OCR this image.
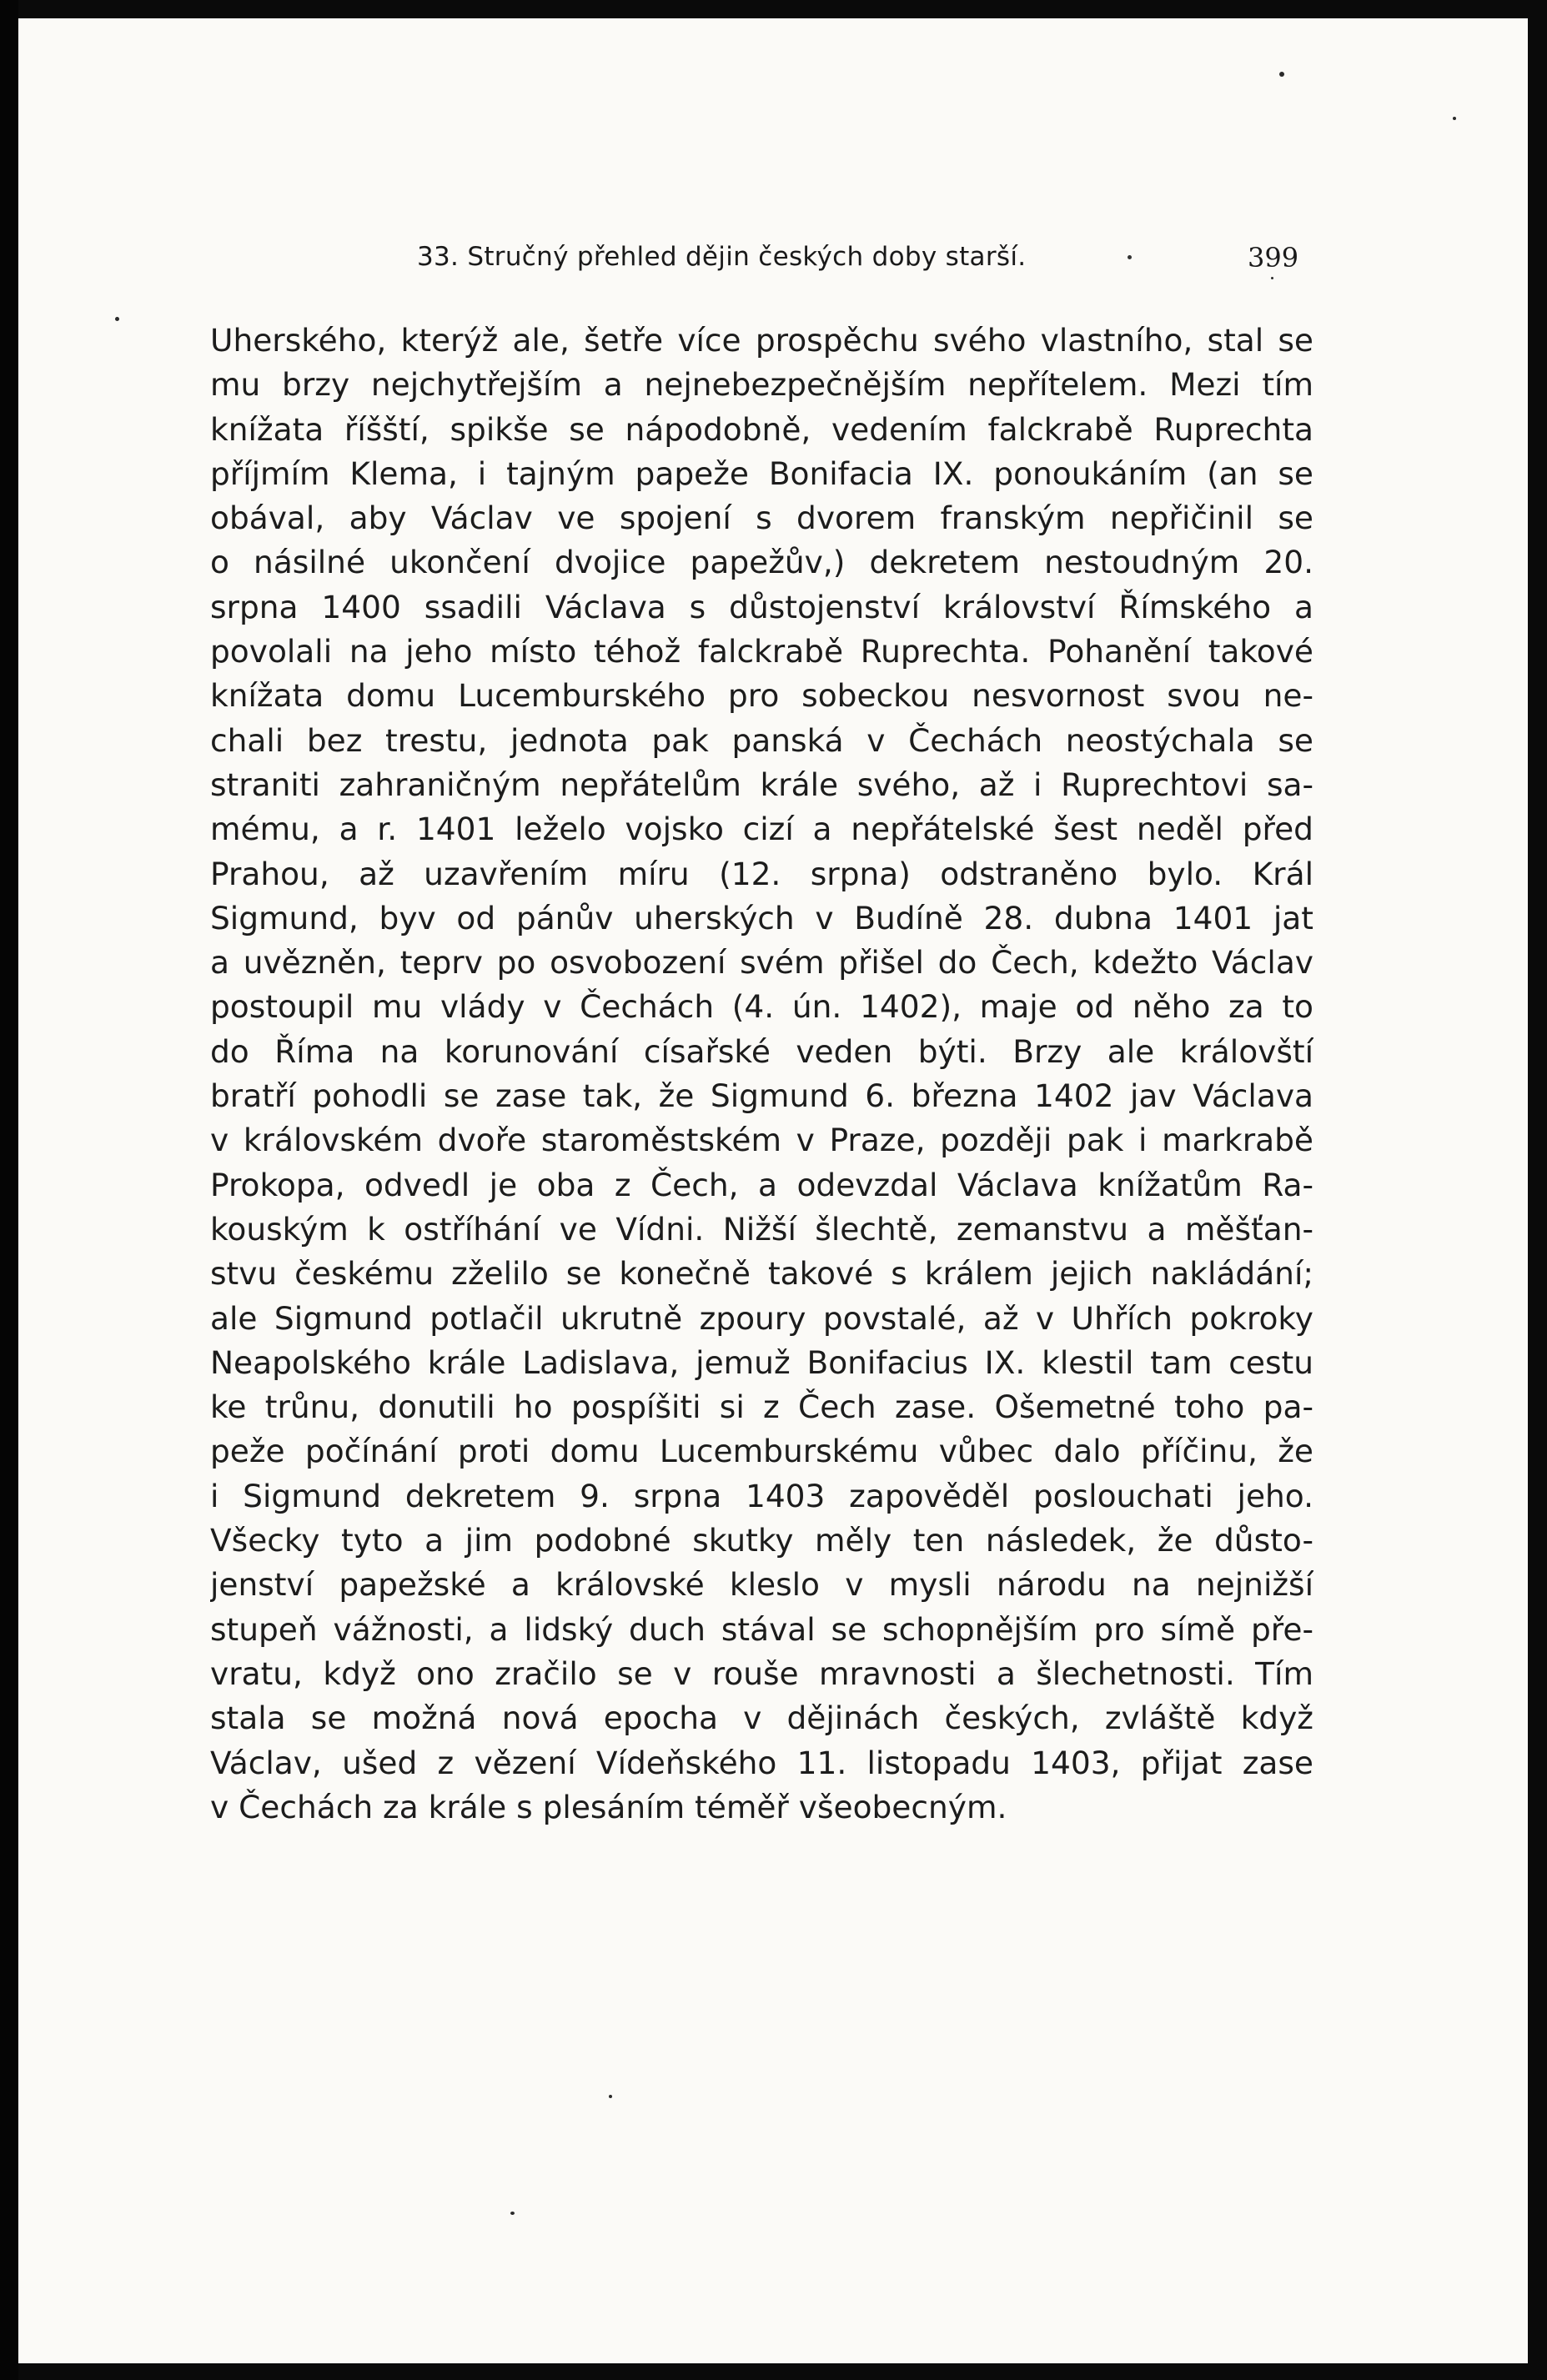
33. Stručný přehled dějin českých doby starší.	399
Uherského, kterýž ale, šetře více prospěchu svého vlastního, stal se
mu brzy nejchytřejším a nejnebezpečnějším nepřítelem. Mezi tím
knížata říšští, spikše se nápodobně, vedením falckrabě Ruprechta
příjmím Klema, i tajným papeže Bonifacia IX. ponoukáním (an se
obával, aby Václav ve spojení s dvorem franským nepřičinil se
o násilné ukončení dvojice papežův,) dekretem nestoudným 20.
srpna 1400 ssadili Václava s důstojenství království Římského a
povolali na jeho místo téhož falckrabě Ruprechta. Pohanění takové
knížata domu Lucemburského pro sobeckou nesvornost svou ne-
chali bez trestu, jednota pak panská v Čechách neostýchala se
straniti zahraničným nepřátelům krále svého, až i Ruprechtovi sa-
mému, a r. 1401 leželo vojsko cizí a nepřátelské šest neděl před
Prahou, až uzavřením míru (12. srpna) odstraněno bylo. Král
Sigmund, byv od pánův uherských v Budíně 28. dubna 1401 jat
a uvězněn, teprv po osvobození svém přišel do Čech, kdežto Václav
postoupil mu vlády v Čechách (4. ún. 1402), maje od něho za to
do Říma na korunování císařské veden býti. Brzy ale královští
bratří pohodli se zase tak, že Sigmund 6. března 1402 jav Václava
v královském dvoře staroměstském v Praze, později pak i markrabě
Prokopa, odvedl je oba z Čech, a odevzdal Václava knížatům Ra-
kouským k ostříhání ve Vídni. Nižší šlechtě, zemanstvu a měšťan-
stvu českému zželilo se konečně takové s králem jejich nakládání;
ale Sigmund potlačil ukrutně zpoury povstalé, až v Uhřích pokroky
Neapolského krále Ladislava, jemuž Bonifacius IX. klestil tam cestu
ke trůnu, donutili ho pospíšiti si z Čech zase. Ošemetné toho pa-
peže počínání proti domu Lucemburskému vůbec dalo příčinu, že
i Sigmund dekretem 9. srpna 1403 zapověděl poslouchati jeho.
Všecky tyto a jim podobné skutky měly ten následek, že důsto-
jenství papežské a královské kleslo v mysli národu na nejnižší
stupeň vážnosti, a lidský duch stával se schopnějším pro símě pře-
vratu, když ono zračilo se v rouše mravnosti a šlechetnosti. Tím
stala se možná nová epocha v dějinách českých, zvláště když
Václav, ušed z vězení Vídeňského 11. listopadu 1403, přijat zase
v Čechách za krále s plesáním téměř všeobecným.
